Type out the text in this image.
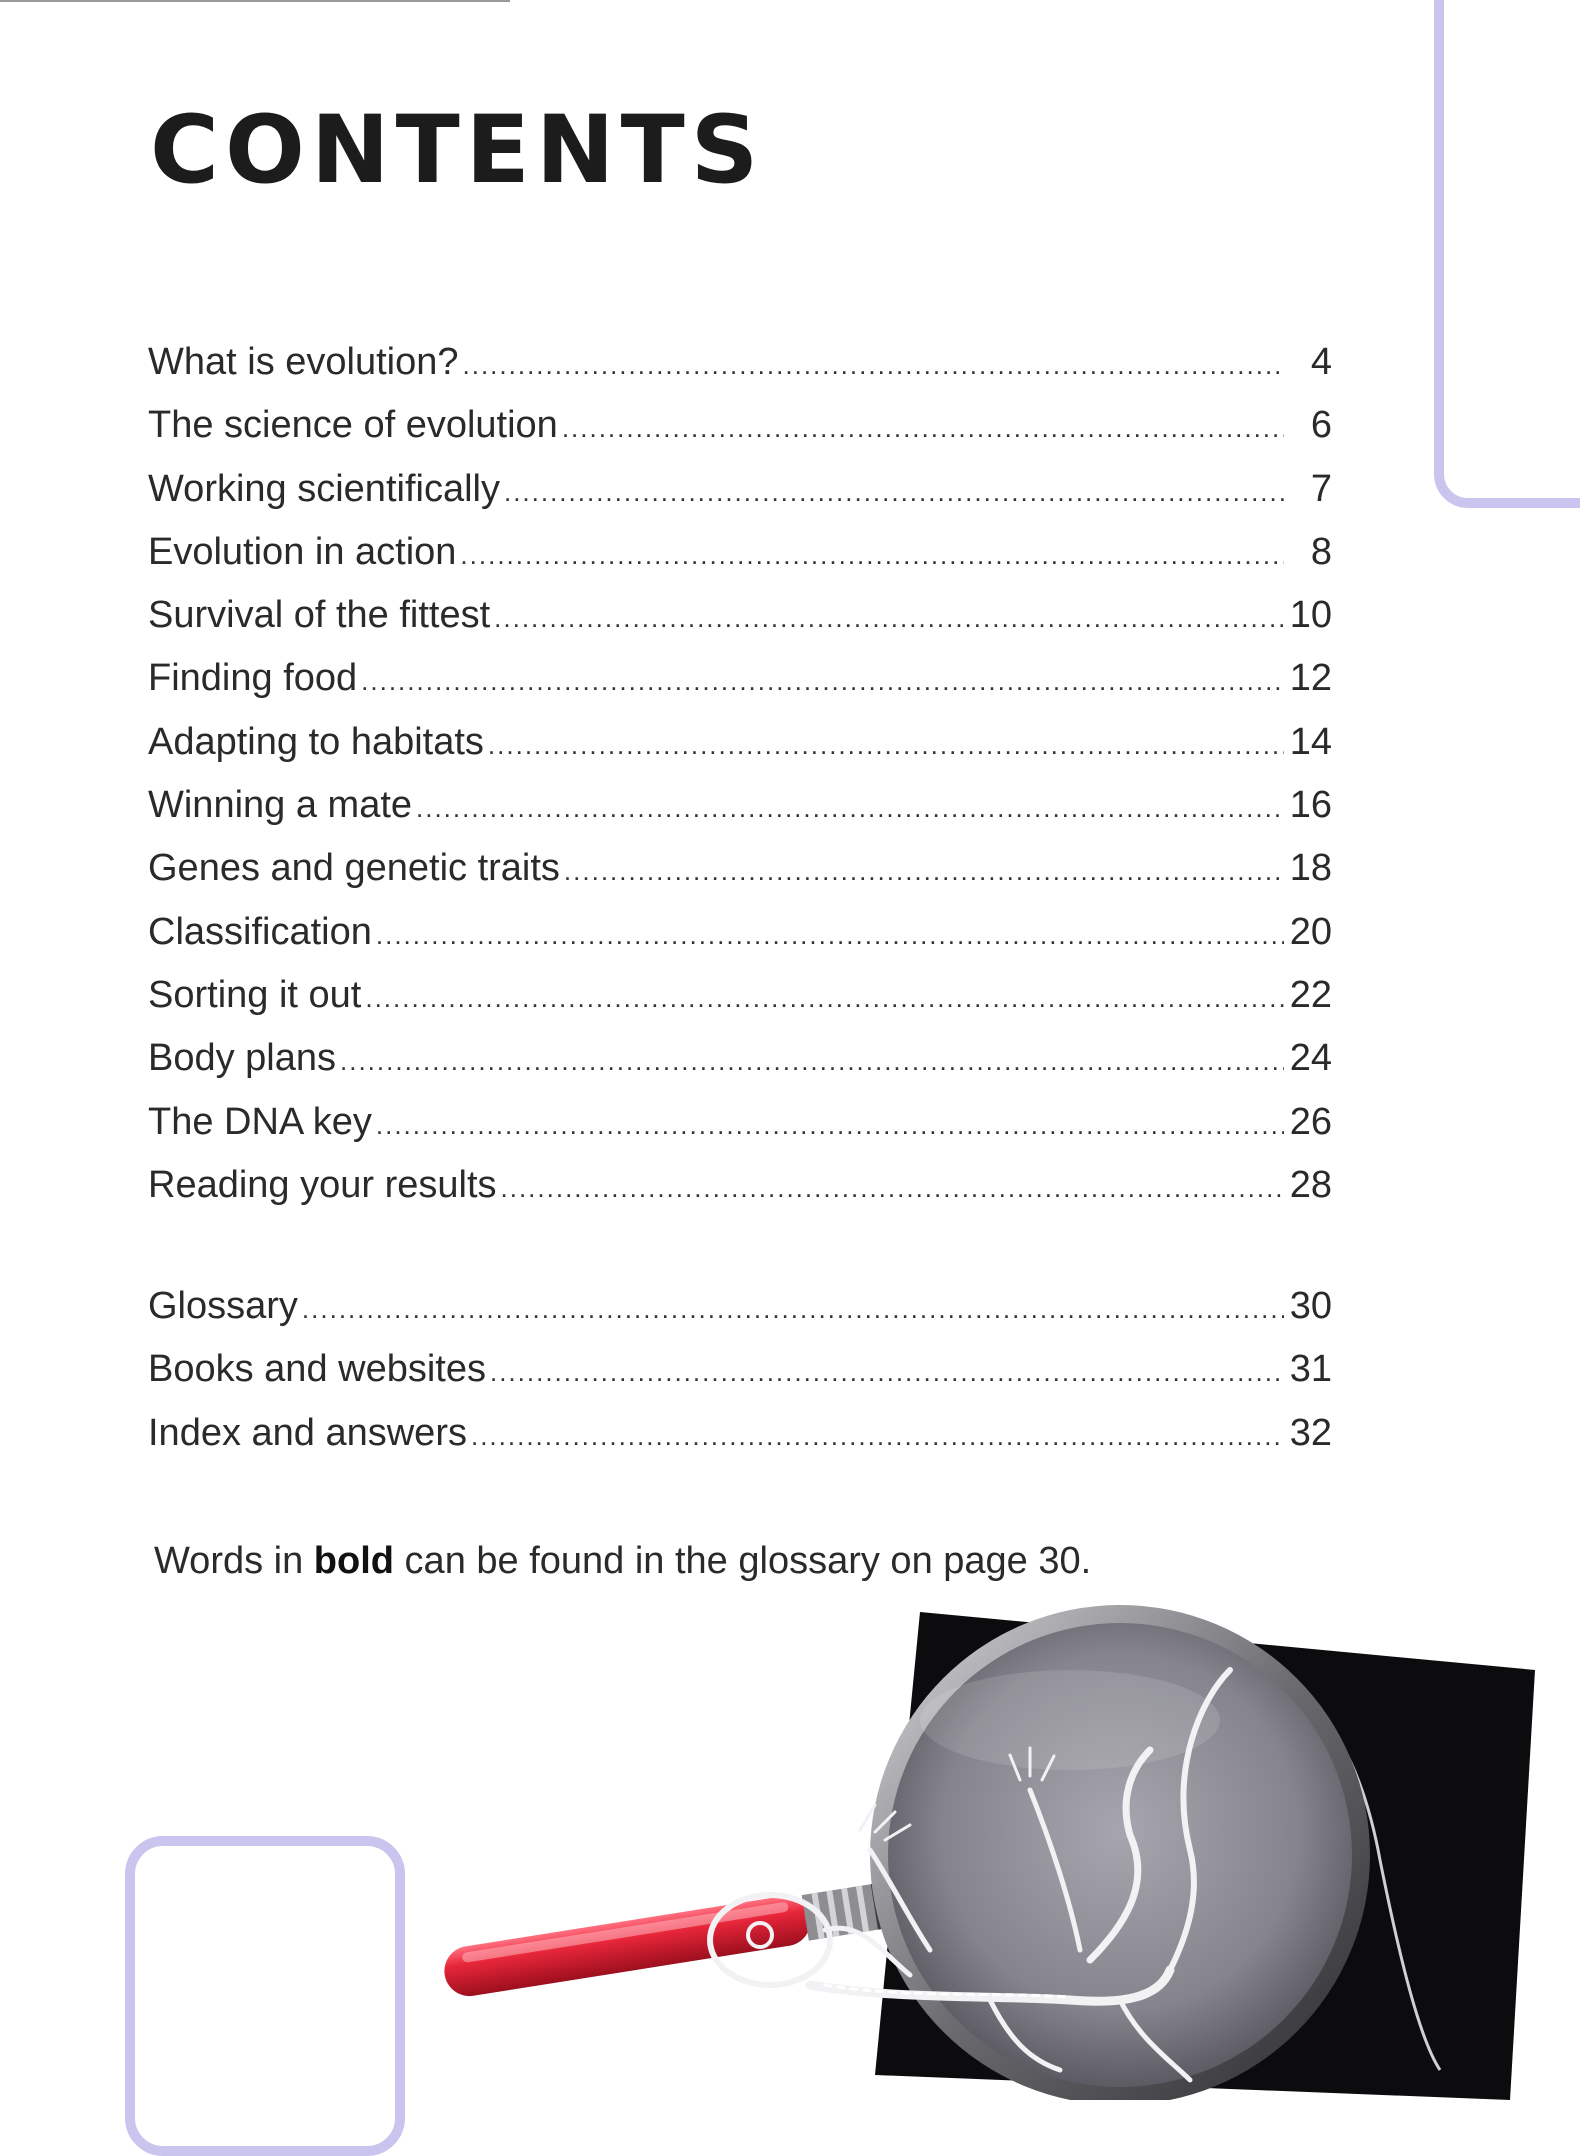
CONTENTS
What is evolution? .....	4
The science of evolution .....	6
Working scientifically .....	7
Evolution in action .....	8
Survival of the fittest .....	10
Finding food .....	12
Adapting to habitats .....	14
Winning a mate .....	16
Genes and genetic traits .....	18
Classification .....	20
Sorting it out .....	22
Body plans .....	24
The DNA key .....	26
Reading your results .....	28
Glossary .....	30
Books and websites .....	31
Index and answers .....	32

Words in bold can be found in the glossary on page 30.
